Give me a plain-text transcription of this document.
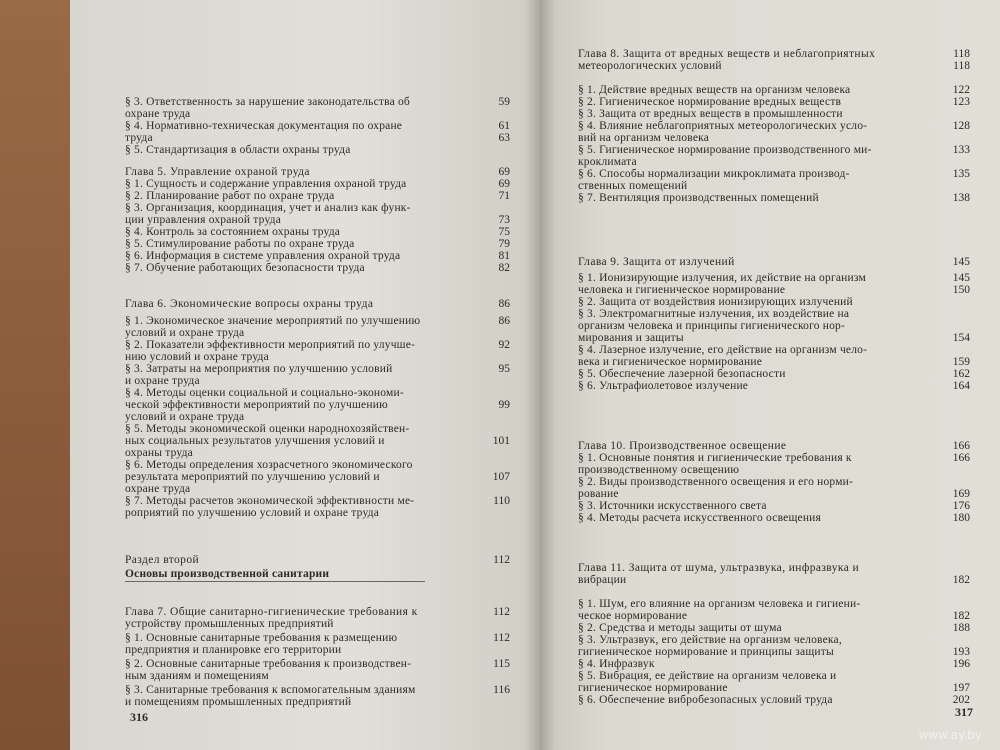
§ 3. Ответственность за нарушение законодательства об	59
охране труда
§ 4. Нормативно-техническая документация по охране	61
труда	63
§ 5. Стандартизация в области охраны труда
Глава 5. Управление охраной труда	69
§ 1. Сущность и содержание управления охраной труда	69
§ 2. Планирование работ по охране труда	71
§ 3. Организация, координация, учет и анализ как функ-
ции управления охраной труда	73
§ 4. Контроль за состоянием охраны труда	75
§ 5. Стимулирование работы по охране труда	79
§ 6. Информация в системе управления охраной труда	81
§ 7. Обучение работающих безопасности труда	82
Глава 6. Экономические вопросы охраны труда	86
§ 1. Экономическое значение мероприятий по улучшению	86
условий и охране труда
§ 2. Показатели эффективности мероприятий по улучше-	92
нию условий и охране труда
§ 3. Затраты на мероприятия по улучшению условий	95
и охране труда
§ 4. Методы оценки социальной и социально-экономи-
ческой эффективности мероприятий по улучшению	99
условий и охране труда
§ 5. Методы экономической оценки народнохозяйствен-
ных социальных результатов улучшения условий и	101
охраны труда
§ 6. Методы определения хозрасчетного экономического
результата мероприятий по улучшению условий и	107
охране труда
§ 7. Методы расчетов экономической эффективности ме-	110
роприятий по улучшению условий и охране труда
Раздел второй	112
Основы производственной санитарии
Глава 7. Общие санитарно-гигиенические требования к	112
устройству промышленных предприятий
§ 1. Основные санитарные требования к размещению	112
предприятия и планировке его территории
§ 2. Основные санитарные требования к производствен-	115
ным зданиям и помещениям
§ 3. Санитарные требования к вспомогательным зданиям	116
и помещениям промышленных предприятий
316
Глава 8. Защита от вредных веществ и неблагоприятных	118
метеорологических условий	118
§ 1. Действие вредных веществ на организм человека	122
§ 2. Гигиеническое нормирование вредных веществ	123
§ 3. Защита от вредных веществ в промышленности
§ 4. Влияние неблагоприятных метеорологических усло-	128
вий на организм человека
§ 5. Гигиеническое нормирование производственного ми-	133
кроклимата
§ 6. Способы нормализации микроклимата производ-	135
ственных помещений
§ 7. Вентиляция производственных помещений	138
Глава 9. Защита от излучений	145
§ 1. Ионизирующие излучения, их действие на организм	145
человека и гигиеническое нормирование	150
§ 2. Защита от воздействия ионизирующих излучений
§ 3. Электромагнитные излучения, их воздействие на
организм человека и принципы гигиенического нор-
мирования и защиты	154
§ 4. Лазерное излучение, его действие на организм чело-
века и гигиеническое нормирование	159
§ 5. Обеспечение лазерной безопасности	162
§ 6. Ультрафиолетовое излучение	164
Глава 10. Производственное освещение	166
§ 1. Основные понятия и гигиенические требования к	166
производственному освещению
§ 2. Виды производственного освещения и его норми-
рование	169
§ 3. Источники искусственного света	176
§ 4. Методы расчета искусственного освещения	180
Глава 11. Защита от шума, ультразвука, инфразвука и
вибрации	182
§ 1. Шум, его влияние на организм человека и гигиени-
ческое нормирование	182
§ 2. Средства и методы защиты от шума	188
§ 3. Ультразвук, его действие на организм человека,
гигиеническое нормирование и принципы защиты	193
§ 4. Инфразвук	196
§ 5. Вибрация, ее действие на организм человека и
гигиеническое нормирование	197
§ 6. Обеспечение вибробезопасных условий труда	202
317
www.ay.by
